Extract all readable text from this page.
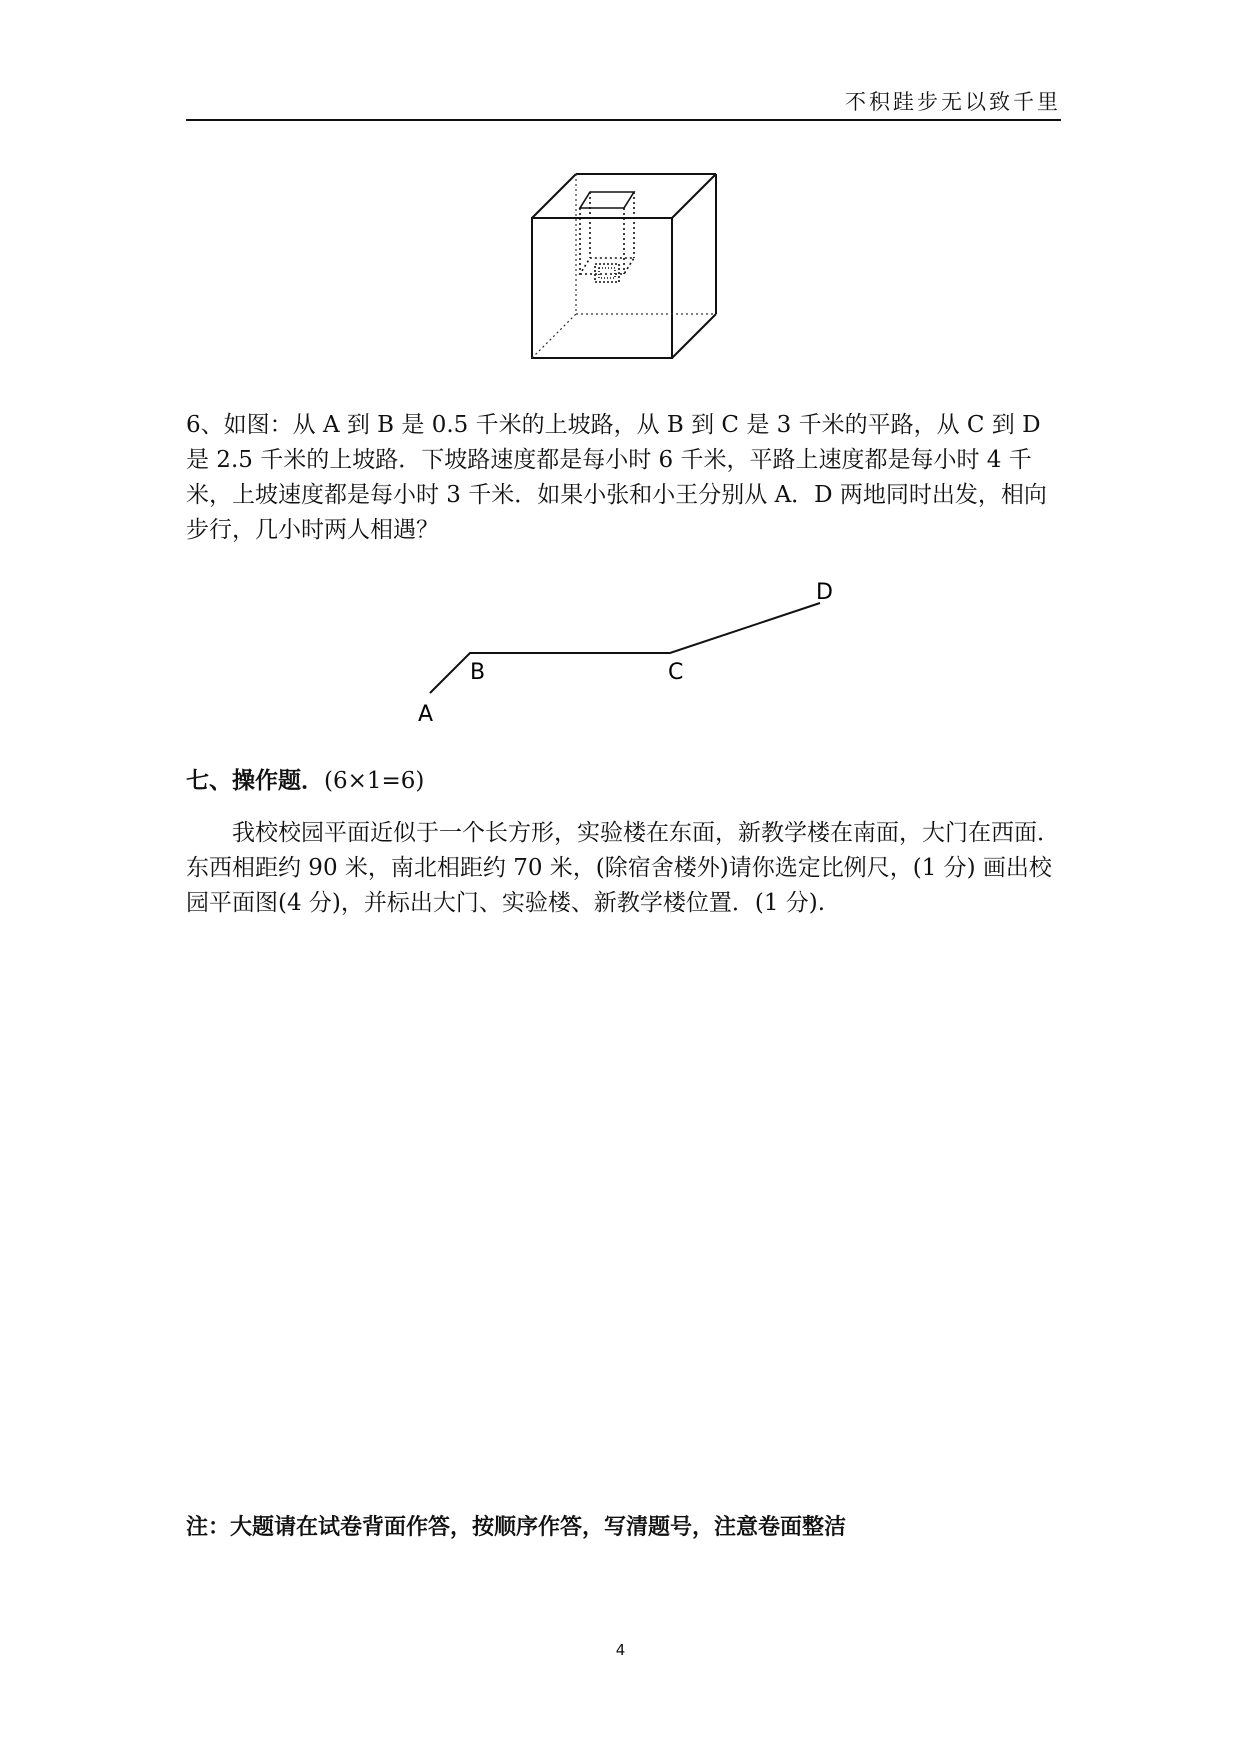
不积跬步无以致千里
6、如图：从 A 到 B 是 0.5 千米的上坡路，从 B 到 C 是 3 千米的平路，从 C 到 D 是 2.5 千米的上坡路．下坡路速度都是每小时 6 千米，平路上速度都是每小时 4 千米，上坡速度都是每小时 3 千米．如果小张和小王分别从 A．D 两地同时出发，相向步行，几小时两人相遇？
A
B	C
D
七、操作题．(6×1=6)
我校校园平面近似于一个长方形，实验楼在东面，新教学楼在南面，大门在西面．东西相距约 90 米，南北相距约 70 米，(除宿舍楼外)请你选定比例尺，(1 分) 画出校园平面图(4 分)，并标出大门、实验楼、新教学楼位置．(1 分).
注：大题请在试卷背面作答，按顺序作答，写清题号，注意卷面整洁
4
